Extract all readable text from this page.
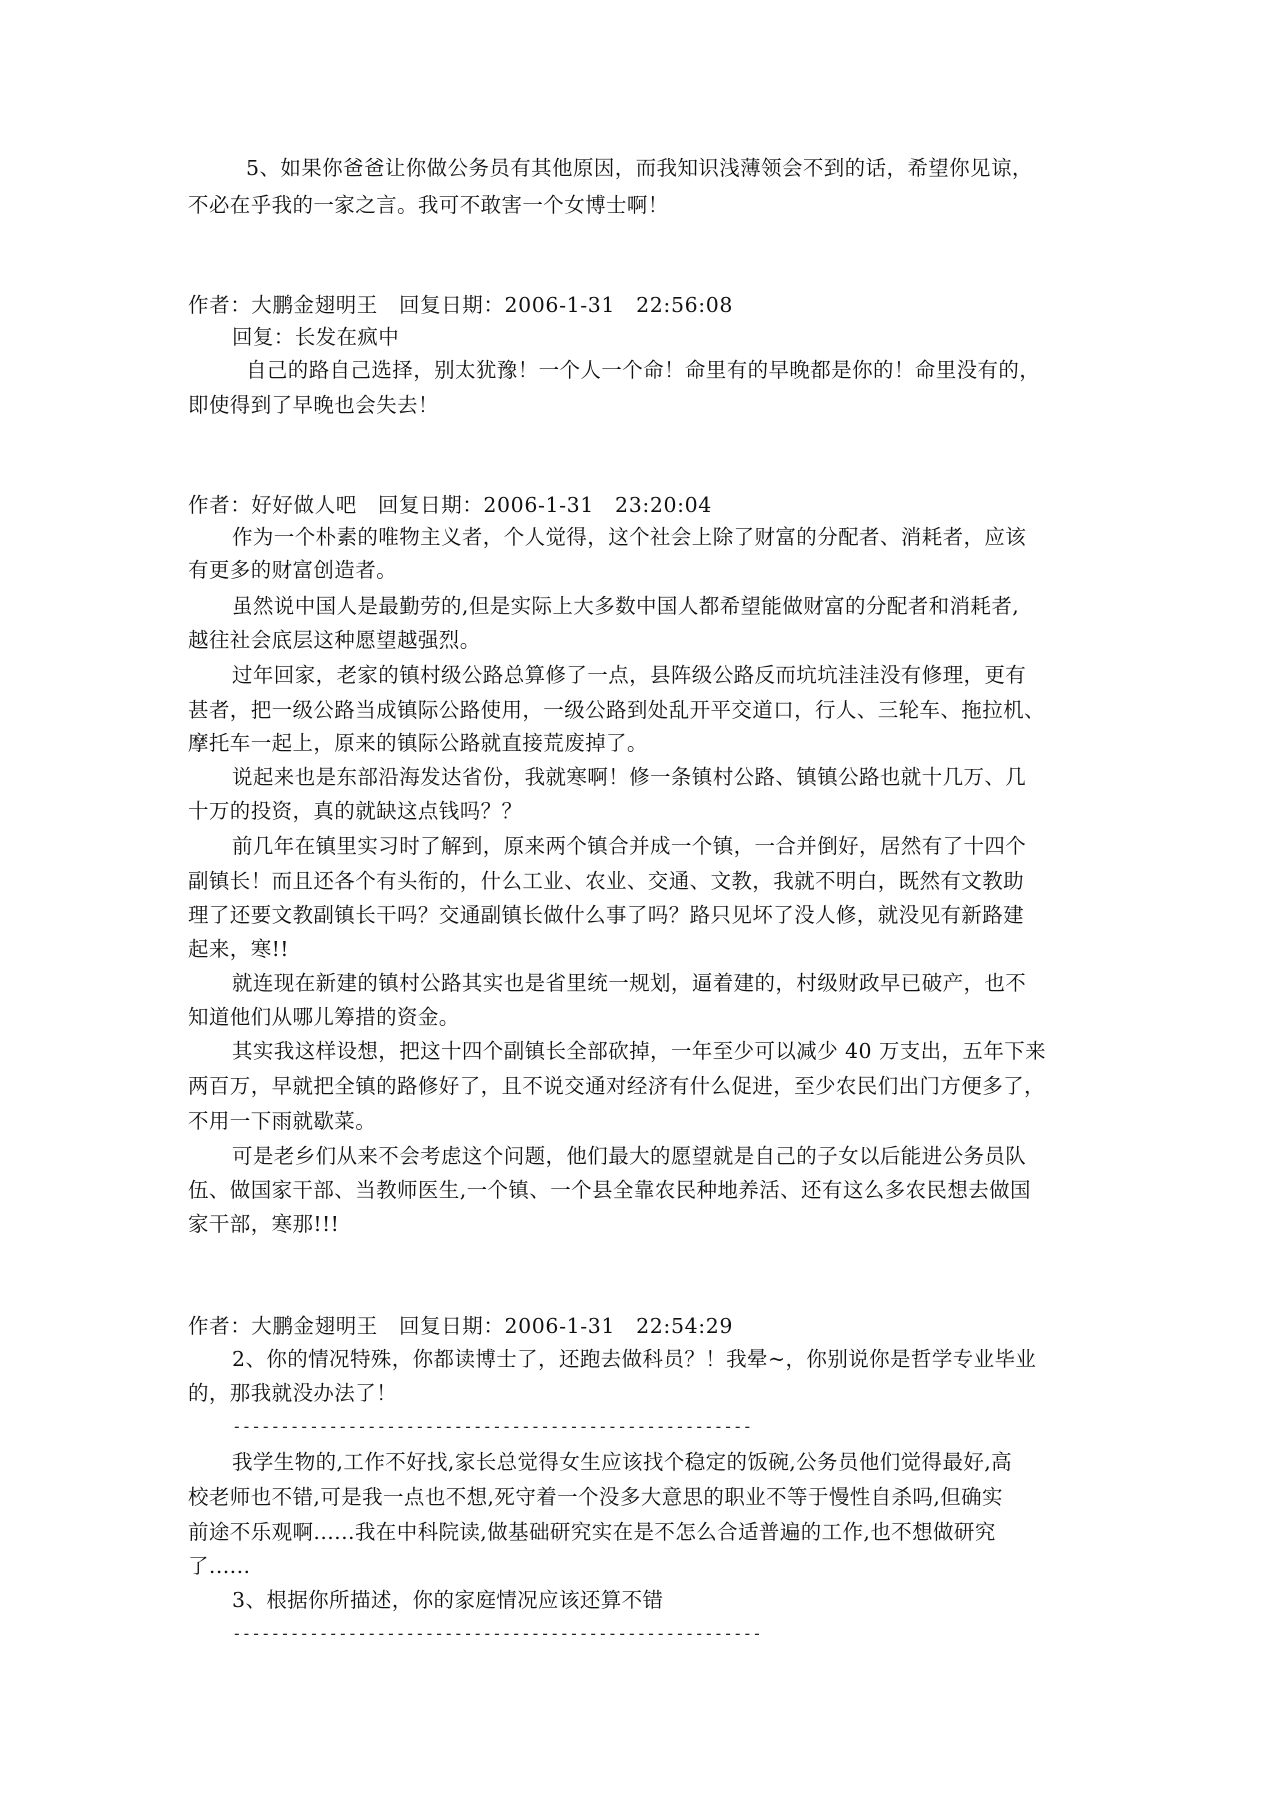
5、如果你爸爸让你做公务员有其他原因，而我知识浅薄领会不到的话，希望你见谅，
不必在乎我的一家之言。我可不敢害一个女博士啊！
作者：大鹏金翅明王　回复日期：2006-1-31　22:56:08
回复：长发在疯中
自己的路自己选择，别太犹豫！一个人一个命！命里有的早晚都是你的！命里没有的，
即使得到了早晚也会失去！
作者：好好做人吧　回复日期：2006-1-31　23:20:04
作为一个朴素的唯物主义者，个人觉得，这个社会上除了财富的分配者、消耗者，应该
有更多的财富创造者。
虽然说中国人是最勤劳的,但是实际上大多数中国人都希望能做财富的分配者和消耗者,
越往社会底层这种愿望越强烈。
过年回家，老家的镇村级公路总算修了一点，县阵级公路反而坑坑洼洼没有修理，更有
甚者，把一级公路当成镇际公路使用，一级公路到处乱开平交道口，行人、三轮车、拖拉机、
摩托车一起上，原来的镇际公路就直接荒废掉了。
说起来也是东部沿海发达省份，我就寒啊！修一条镇村公路、镇镇公路也就十几万、几
十万的投资，真的就缺这点钱吗？？
前几年在镇里实习时了解到，原来两个镇合并成一个镇，一合并倒好，居然有了十四个
副镇长！而且还各个有头衔的，什么工业、农业、交通、文教，我就不明白，既然有文教助
理了还要文教副镇长干吗？交通副镇长做什么事了吗？路只见坏了没人修，就没见有新路建
起来，寒!!
就连现在新建的镇村公路其实也是省里统一规划，逼着建的，村级财政早已破产，也不
知道他们从哪儿筹措的资金。
其实我这样设想，把这十四个副镇长全部砍掉，一年至少可以减少 40 万支出，五年下来
两百万，早就把全镇的路修好了，且不说交通对经济有什么促进，至少农民们出门方便多了，
不用一下雨就歇菜。
可是老乡们从来不会考虑这个问题，他们最大的愿望就是自己的子女以后能进公务员队
伍、做国家干部、当教师医生,一个镇、一个县全靠农民种地养活、还有这么多农民想去做国
家干部，寒那!!!
作者：大鹏金翅明王　回复日期：2006-1-31　22:54:29
2、你的情况特殊，你都读博士了，还跑去做科员？！我晕~，你别说你是哲学专业毕业
的，那我就没办法了！
------------------------------------------------------
我学生物的,工作不好找,家长总觉得女生应该找个稳定的饭碗,公务员他们觉得最好,高
校老师也不错,可是我一点也不想,死守着一个没多大意思的职业不等于慢性自杀吗,但确实
前途不乐观啊......我在中科院读,做基础研究实在是不怎么合适普遍的工作,也不想做研究
了......
3、根据你所描述，你的家庭情况应该还算不错
-------------------------------------------------------
